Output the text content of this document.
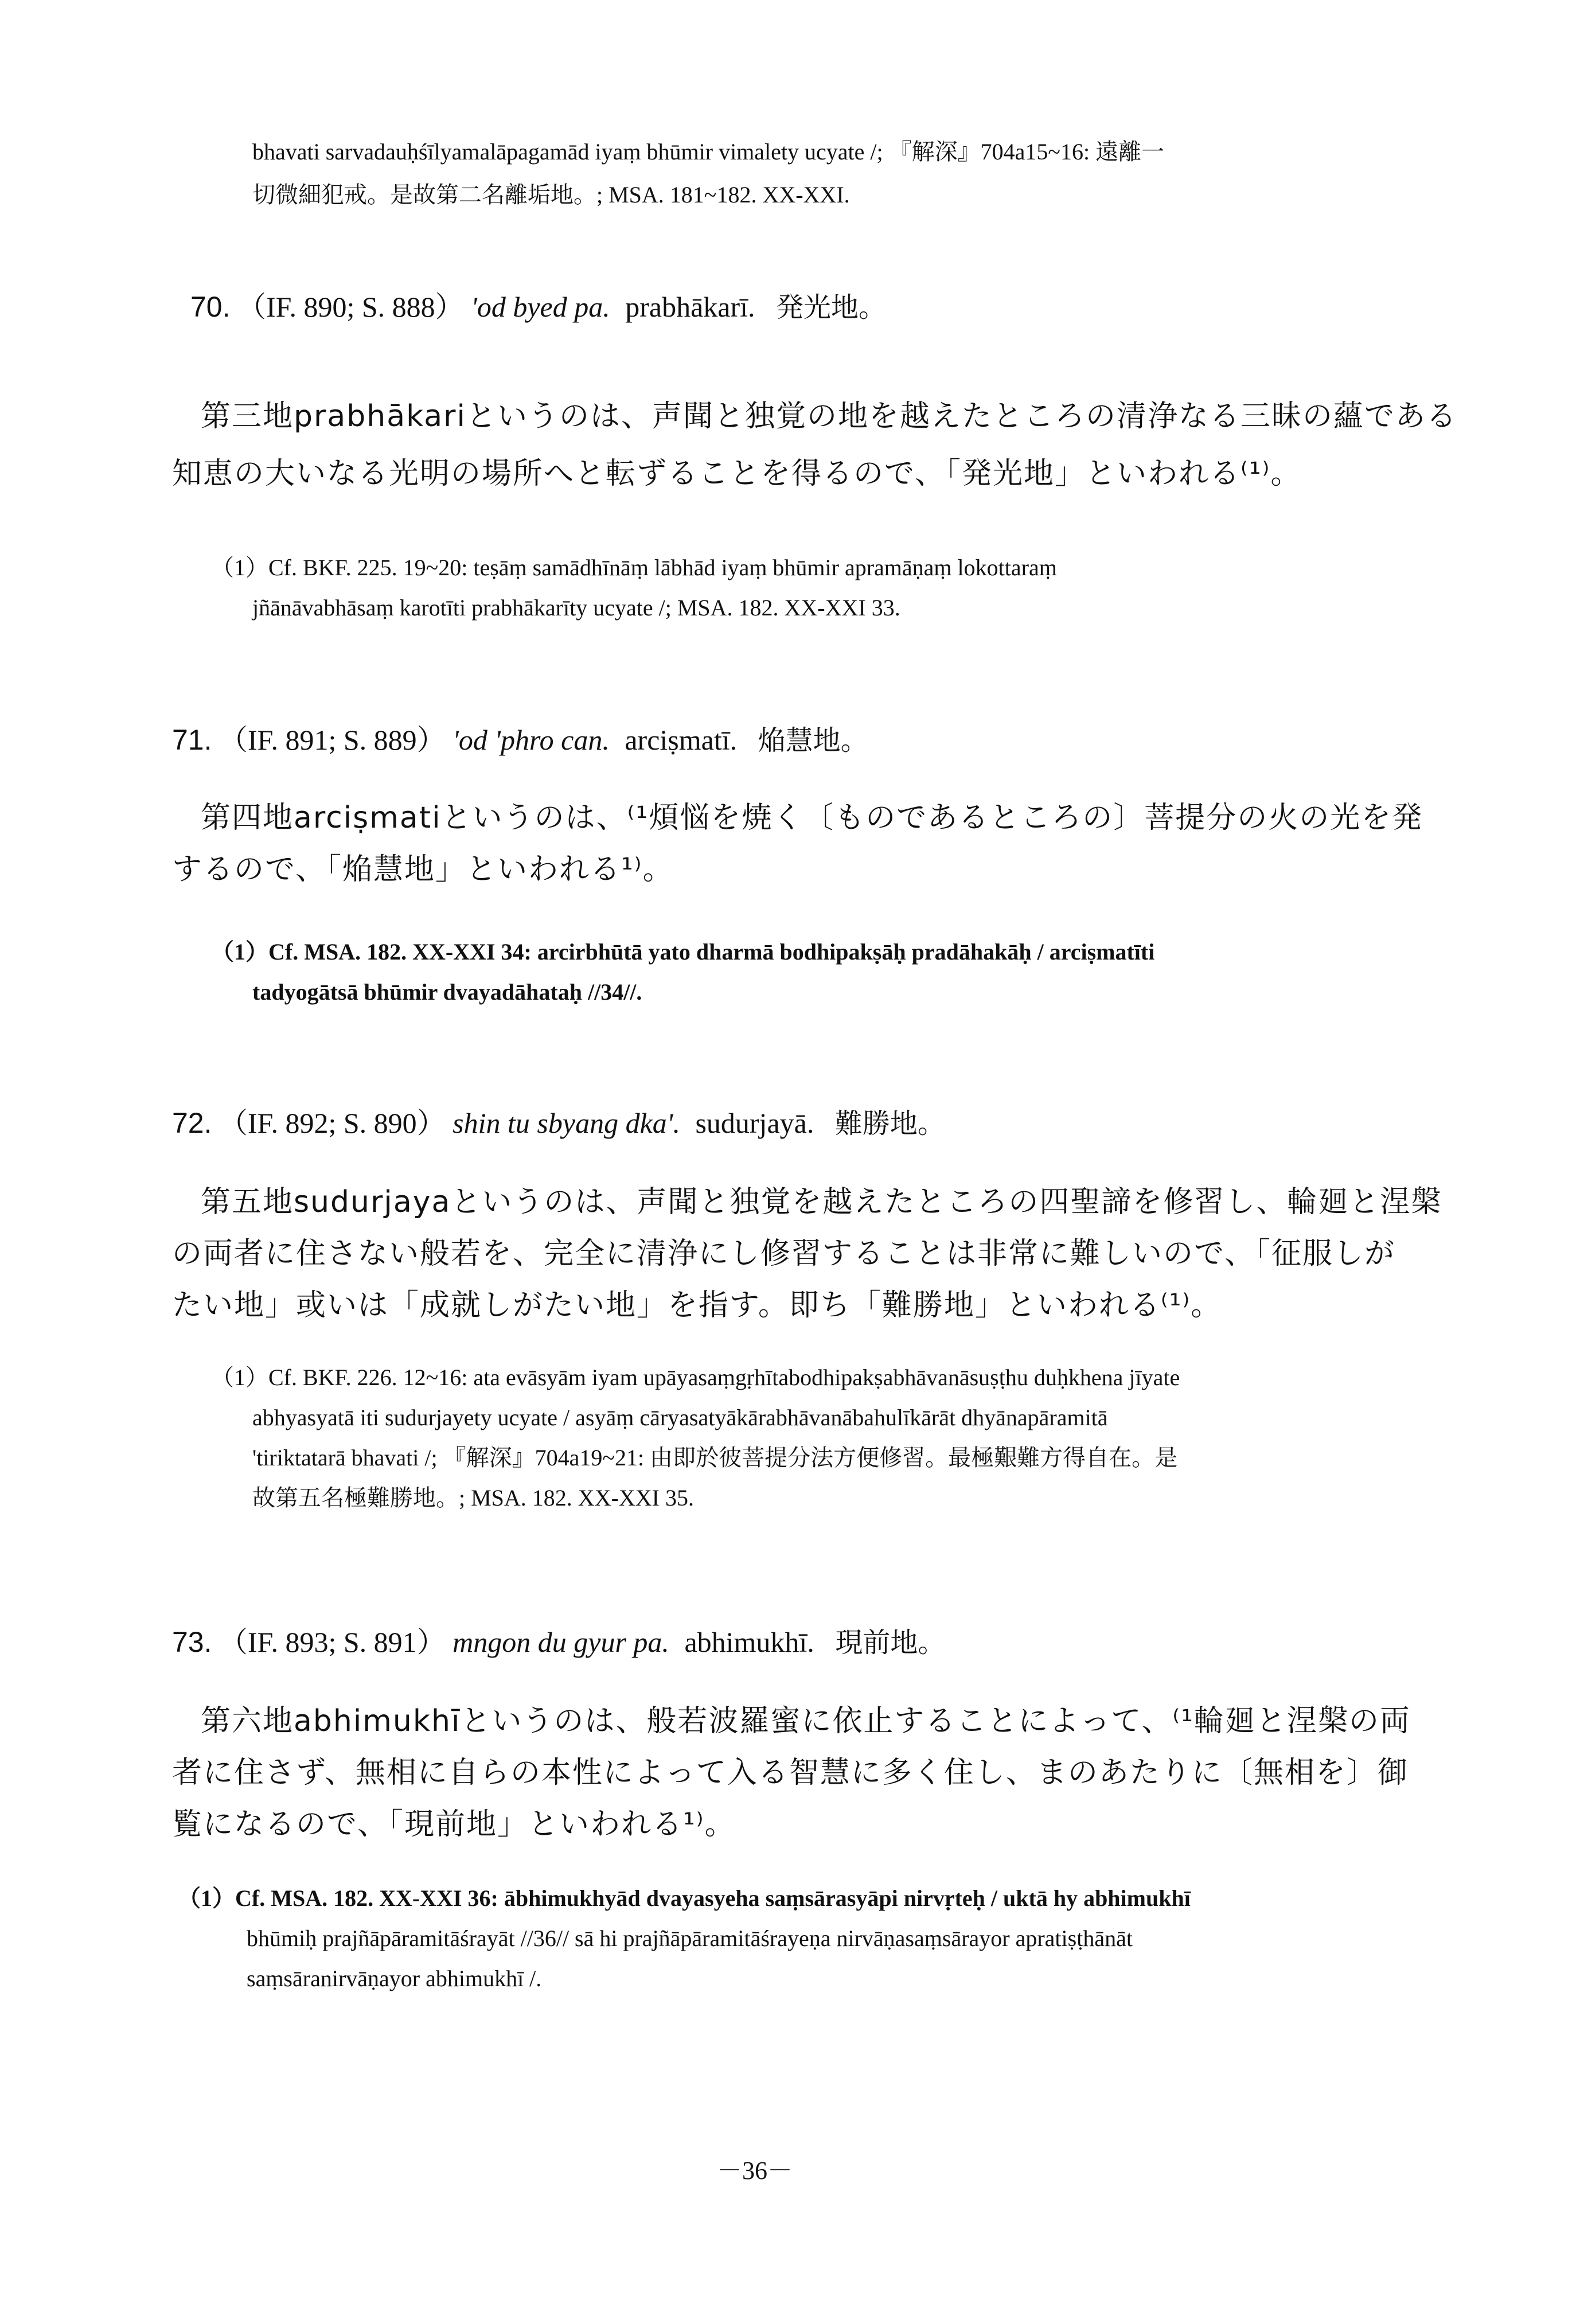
bhavati sarvadauḥśīlyamalāpagamād iyaṃ bhūmir vimalety ucyate /; 『解深』704a15~16: 遠離一
切微細犯戒。是故第二名離垢地。; MSA. 181~182. XX-XXI.
70. （IF. 890; S. 888） 'od byed pa. prabhākarī. 発光地。
第三地prabhākariというのは、声聞と独覚の地を越えたところの清浄なる三昧の蘊である
知恵の大いなる光明の場所へと転ずることを得るので、「発光地」といわれる⁽¹⁾。
（1）Cf. BKF. 225. 19~20: teṣāṃ samādhīnāṃ lābhād iyaṃ bhūmir apramāṇaṃ lokottaraṃ
jñānāvabhāsaṃ karotīti prabhākarīty ucyate /; MSA. 182. XX-XXI 33.
71. （IF. 891; S. 889） 'od 'phro can. arciṣmatī. 焔慧地。
第四地arciṣmatiというのは、⁽¹煩悩を焼く〔ものであるところの〕菩提分の火の光を発
するので、「焔慧地」といわれる¹⁾。
（1）Cf. MSA. 182. XX-XXI 34: arcirbhūtā yato dharmā bodhipakṣāḥ pradāhakāḥ / arciṣmatīti
tadyogātsā bhūmir dvayadāhataḥ //34//.
72. （IF. 892; S. 890） shin tu sbyang dka'. sudurjayā. 難勝地。
第五地sudurjayaというのは、声聞と独覚を越えたところの四聖諦を修習し、輪廻と涅槃
の両者に住さない般若を、完全に清浄にし修習することは非常に難しいので、「征服しが
たい地」或いは「成就しがたい地」を指す。即ち「難勝地」といわれる⁽¹⁾。
（1）Cf. BKF. 226. 12~16: ata evāsyām iyam upāyasaṃgṛhītabodhipakṣabhāvanāsuṣṭhu duḥkhena jīyate
abhyasyatā iti sudurjayety ucyate / asyāṃ cāryasatyākārabhāvanābahulīkārāt dhyānapāramitā
'tiriktatarā bhavati /; 『解深』704a19~21: 由即於彼菩提分法方便修習。最極艱難方得自在。是
故第五名極難勝地。; MSA. 182. XX-XXI 35.
73. （IF. 893; S. 891） mngon du gyur pa. abhimukhī. 現前地。
第六地abhimukhīというのは、般若波羅蜜に依止することによって、⁽¹輪廻と涅槃の両
者に住さず、無相に自らの本性によって入る智慧に多く住し、まのあたりに〔無相を〕御
覧になるので、「現前地」といわれる¹⁾。
（1）Cf. MSA. 182. XX-XXI 36: ābhimukhyād dvayasyeha saṃsārasyāpi nirvṛteḥ / uktā hy abhimukhī
bhūmiḥ prajñāpāramitāśrayāt //36// sā hi prajñāpāramitāśrayeṇa nirvāṇasaṃsārayor apratiṣṭhānāt
saṃsāranirvāṇayor abhimukhī /.
－36－
